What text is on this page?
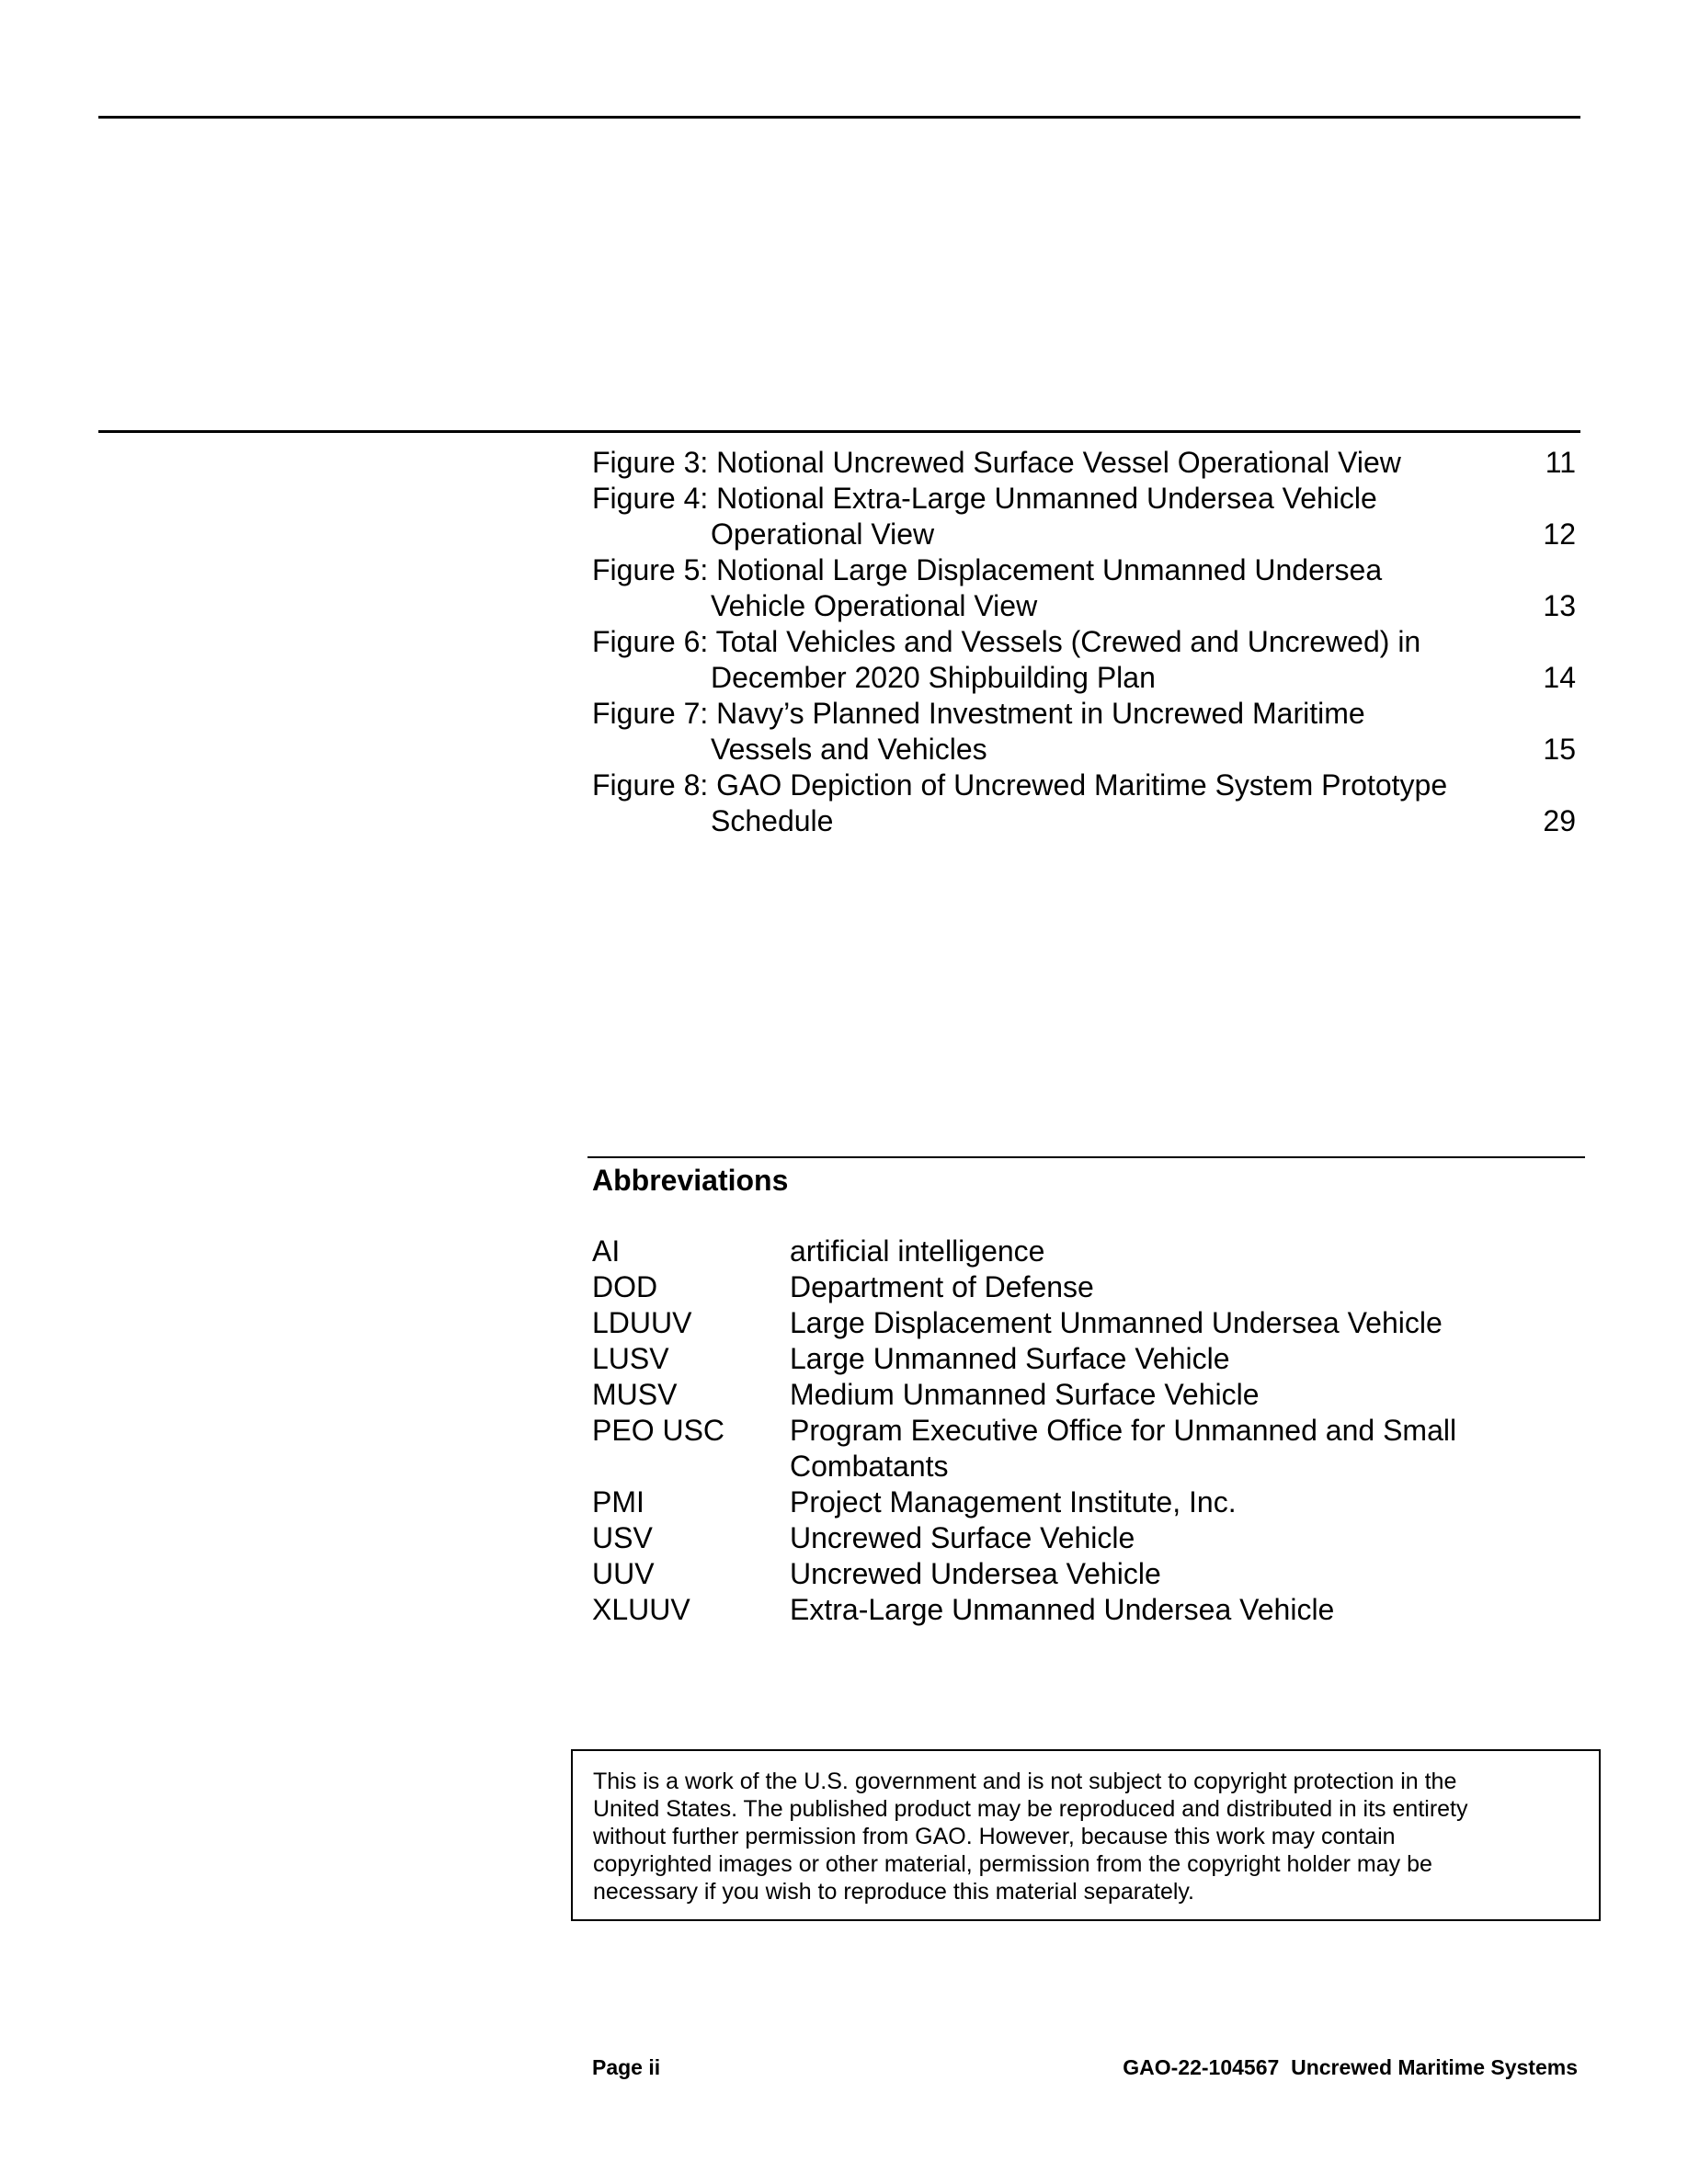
Figure 3: Notional Uncrewed Surface Vessel Operational View	11
Figure 4: Notional Extra-Large Unmanned Undersea Vehicle
Operational View	12
Figure 5: Notional Large Displacement Unmanned Undersea
Vehicle Operational View	13
Figure 6: Total Vehicles and Vessels (Crewed and Uncrewed) in
December 2020 Shipbuilding Plan	14
Figure 7: Navy’s Planned Investment in Uncrewed Maritime
Vessels and Vehicles	15
Figure 8: GAO Depiction of Uncrewed Maritime System Prototype
Schedule	29
Abbreviations
AI	artificial intelligence
DOD	Department of Defense
LDUUV	Large Displacement Unmanned Undersea Vehicle
LUSV	Large Unmanned Surface Vehicle
MUSV	Medium Unmanned Surface Vehicle
PEO USC	Program Executive Office for Unmanned and Small Combatants
PMI	Project Management Institute, Inc.
USV	Uncrewed Surface Vehicle
UUV	Uncrewed Undersea Vehicle
XLUUV	Extra-Large Unmanned Undersea Vehicle
This is a work of the U.S. government and is not subject to copyright protection in the
United States. The published product may be reproduced and distributed in its entirety
without further permission from GAO. However, because this work may contain
copyrighted images or other material, permission from the copyright holder may be
necessary if you wish to reproduce this material separately.
Page ii	GAO-22-104567  Uncrewed Maritime Systems
